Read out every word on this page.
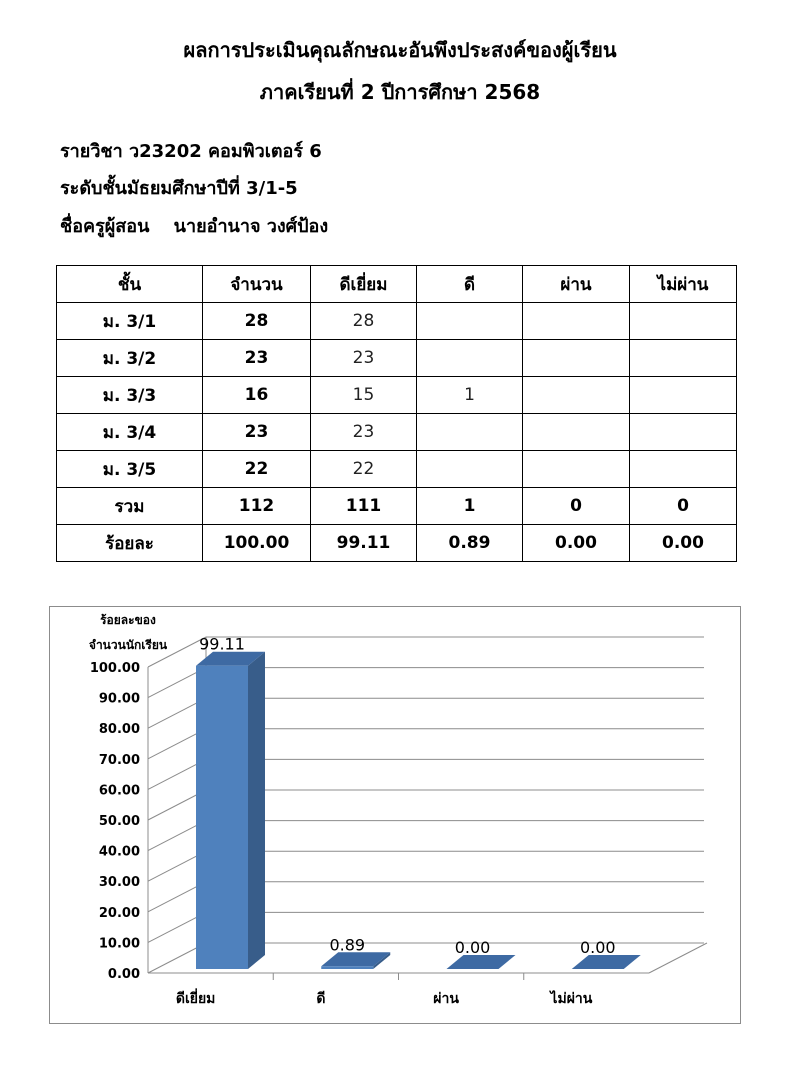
ผลการประเมินคุณลักษณะอันพึงประสงค์ของผู้เรียน
ภาคเรียนที่ 2 ปีการศึกษา 2568
รายวิชา ว23202 คอมพิวเตอร์ 6
ระดับชั้นมัธยมศึกษาปีที่ 3/1-5
ชื่อครูผู้สอน นายอำนาจ วงศ์ป้อง
ชั้น	จำนวน	ดีเยี่ยม	ดี	ผ่าน	ไม่ผ่าน
ม. 3/1	28	28			
ม. 3/2	23	23			
ม. 3/3	16	15	1		
ม. 3/4	23	23			
ม. 3/5	22	22			
รวม	112	111	1	0	0
ร้อยละ	100.00	99.11	0.89	0.00	0.00
0.00
10.00
20.00
30.00
40.00
50.00
60.00
70.00
80.00
90.00
100.00
99.11
ดีเยี่ยม
0.89
ดี
0.00
ผ่าน
0.00
ไม่ผ่าน
ร้อยละของ
จำนวนนักเรียน
